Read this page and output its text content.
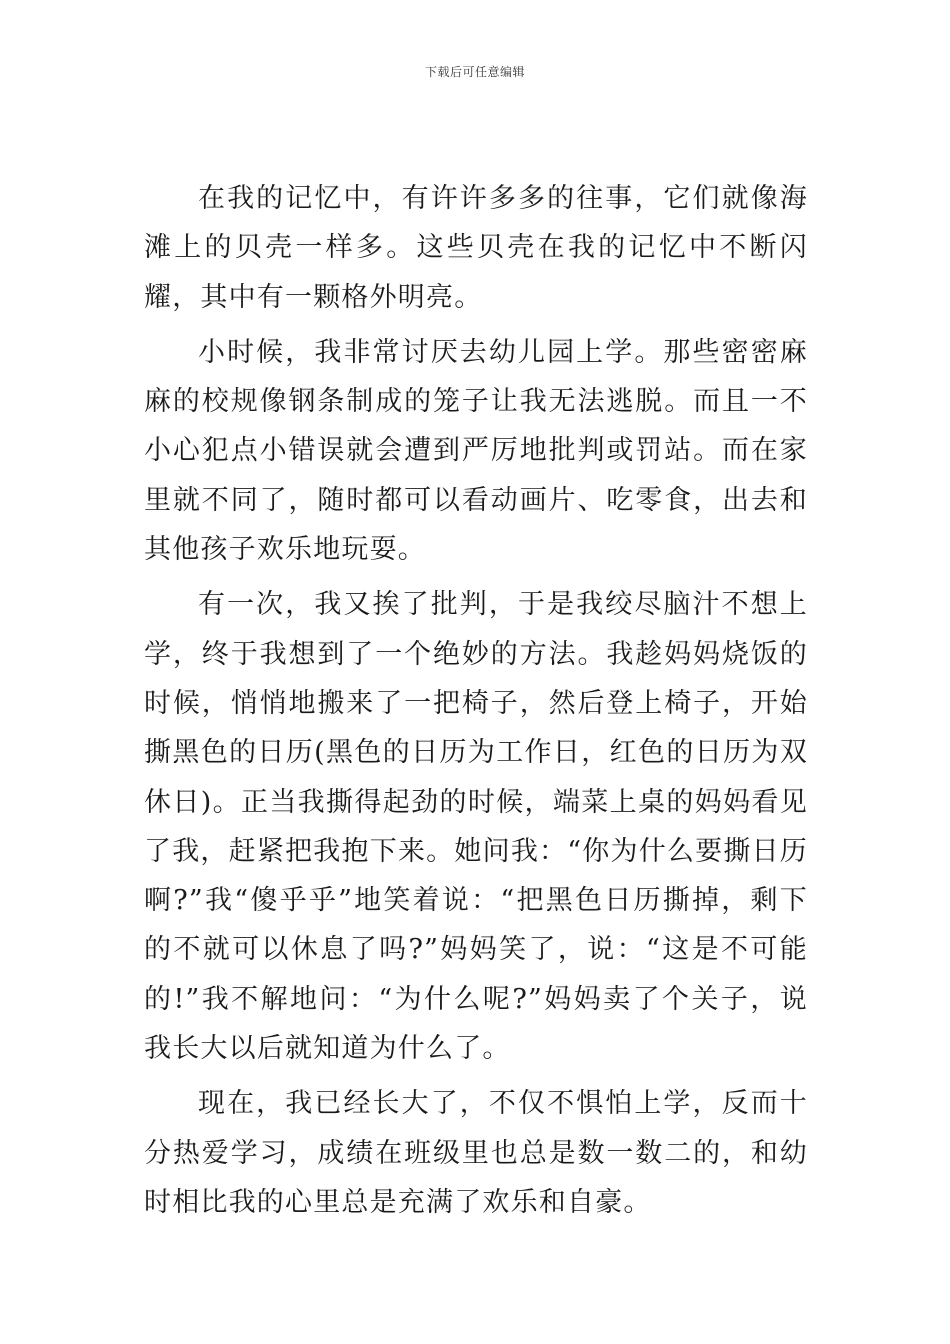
下载后可任意编辑

在我的记忆中，有许许多多的往事，它们就像海滩上的贝壳一样多。这些贝壳在我的记忆中不断闪耀，其中有一颗格外明亮。

小时候，我非常讨厌去幼儿园上学。那些密密麻麻的校规像钢条制成的笼子让我无法逃脱。而且一不小心犯点小错误就会遭到严厉地批判或罚站。而在家里就不同了，随时都可以看动画片、吃零食，出去和其他孩子欢乐地玩耍。

有一次，我又挨了批判，于是我绞尽脑汁不想上学，终于我想到了一个绝妙的方法。我趁妈妈烧饭的时候，悄悄地搬来了一把椅子，然后登上椅子，开始撕黑色的日历(黑色的日历为工作日，红色的日历为双休日)。正当我撕得起劲的时候，端菜上桌的妈妈看见了我，赶紧把我抱下来。她问我：“你为什么要撕日历啊?”我“傻乎乎”地笑着说：“把黑色日历撕掉，剩下的不就可以休息了吗?”妈妈笑了，说：“这是不可能的!”我不解地问：“为什么呢?”妈妈卖了个关子，说我长大以后就知道为什么了。

现在，我已经长大了，不仅不惧怕上学，反而十分热爱学习，成绩在班级里也总是数一数二的，和幼时相比我的心里总是充满了欢乐和自豪。
